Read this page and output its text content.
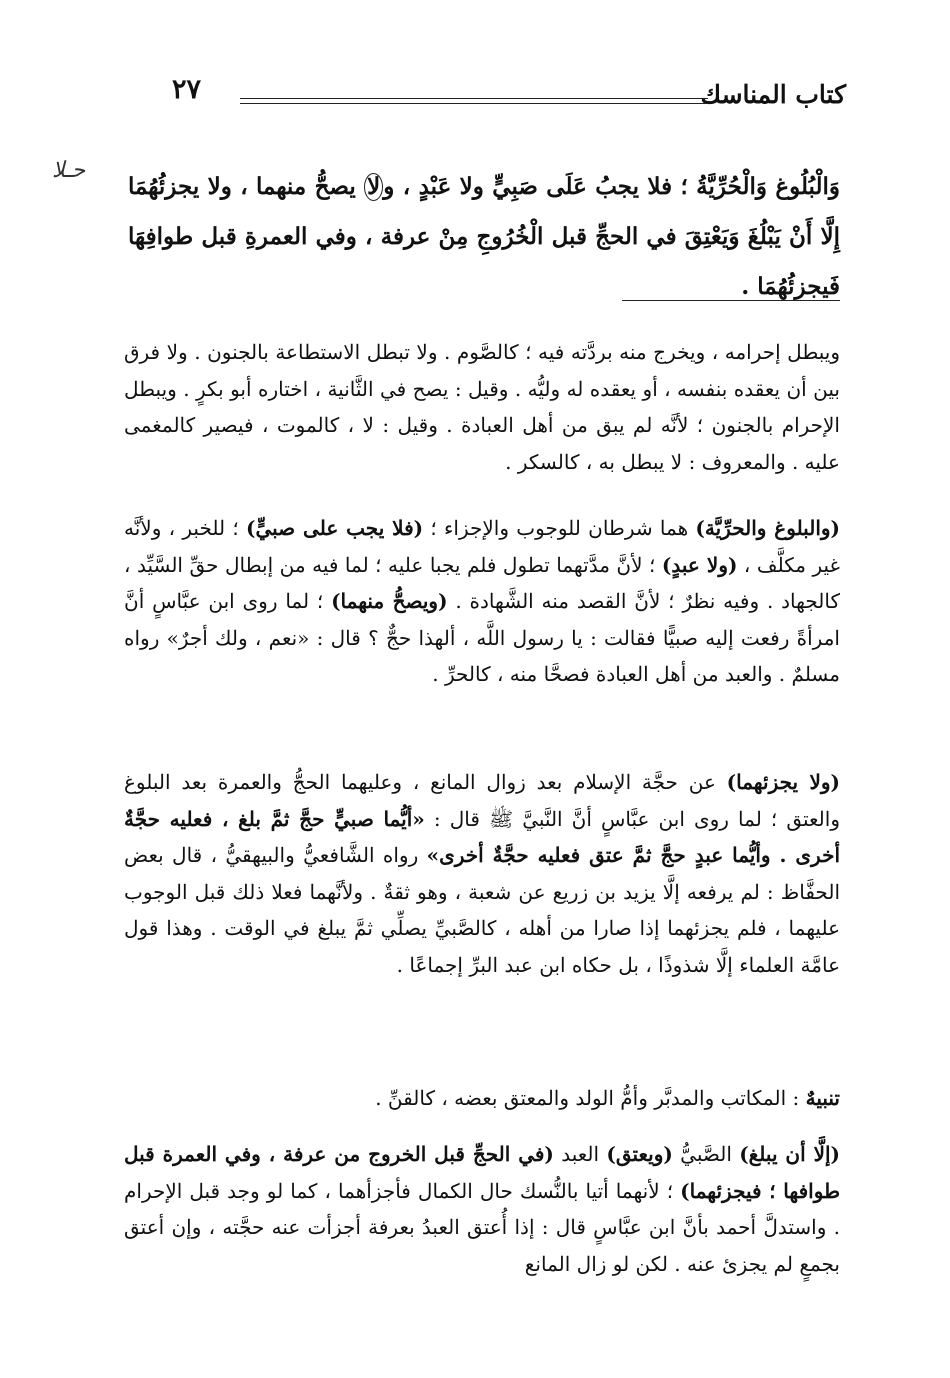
كتاب المناسك
٢٧
حـلا
وَالْبُلُوغ وَالْحُرِّيَّةُ ؛ فلا يجبُ عَلَى صَبِيٍّ ولا عَبْدٍ ، ولا يصحُّ منهما ، ولا يجزئُهُمَا إِلَّا أَنْ يَبْلُغَ وَيَعْتِقَ في الحجِّ قبل الْخُرُوجِ مِنْ عرفة ، وفي العمرةِ قبل طوافِهَا فَيجزئُهُمَا .
ويبطل إحرامه ، ويخرج منه بردَّته فيه ؛ كالصَّوم . ولا تبطل الاستطاعة بالجنون . ولا فرق بين أن يعقده بنفسه ، أو يعقده له وليُّه . وقيل : يصح في الثَّانية ، اختاره أبو بكرٍ . ويبطل الإحرام بالجنون ؛ لأنَّه لم يبق من أهل العبادة . وقيل : لا ، كالموت ، فيصير كالمغمى عليه . والمعروف : لا يبطل به ، كالسكر .
(والبلوغ والحرِّيَّة) هما شرطان للوجوب والإجزاء ؛ (فلا يجب على صبيٍّ) ؛ للخبر ، ولأنَّه غير مكلَّف ، (ولا عبدٍ) ؛ لأنَّ مدَّتهما تطول فلم يجبا عليه ؛ لما فيه من إبطال حقِّ السَّيِّد ، كالجهاد . وفيه نظرٌ ؛ لأنَّ القصد منه الشَّهادة . (ويصحُّ منهما) ؛ لما روى ابن عبَّاسٍ أنَّ امرأةً رفعت إليه صبيًّا فقالت : يا رسول اللَّه ، ألهذا حجٌّ ؟ قال : «نعم ، ولك أجرٌ» رواه مسلمٌ . والعبد من أهل العبادة فصحَّا منه ، كالحرِّ .
(ولا يجزئهما) عن حجَّة الإسلام بعد زوال المانع ، وعليهما الحجُّ والعمرة بعد البلوغ والعتق ؛ لما روى ابن عبَّاسٍ أنَّ النَّبيَّ ﷺ قال : «أيُّما صبيٍّ حجَّ ثمَّ بلغ ، فعليه حجَّةٌ أخرى . وأيُّما عبدٍ حجَّ ثمَّ عتق فعليه حجَّةٌ أخرى» رواه الشَّافعيُّ والبيهقيُّ ، قال بعض الحفَّاظ : لم يرفعه إلَّا يزيد بن زريع عن شعبة ، وهو ثقةٌ . ولأنَّهما فعلا ذلك قبل الوجوب عليهما ، فلم يجزئهما إذا صارا من أهله ، كالصَّبيِّ يصلِّي ثمَّ يبلغ في الوقت . وهذا قول عامَّة العلماء إلَّا شذوذًا ، بل حكاه ابن عبد البرِّ إجماعًا .
تنبيهٌ : المكاتب والمدبَّر وأمُّ الولد والمعتق بعضه ، كالقنِّ .
(إلَّا أن يبلغ) الصَّبيُّ (ويعتق) العبد (في الحجِّ قبل الخروج من عرفة ، وفي العمرة قبل طوافها ؛ فيجزئهما) ؛ لأنهما أتيا بالنُّسك حال الكمال فأجزأهما ، كما لو وجد قبل الإحرام . واستدلَّ أحمد بأنَّ ابن عبَّاسٍ قال : إذا أُعتق العبدُ بعرفة أجزأت عنه حجَّته ، وإن أعتق بجمعٍ لم يجزئ عنه . لكن لو زال المانع
